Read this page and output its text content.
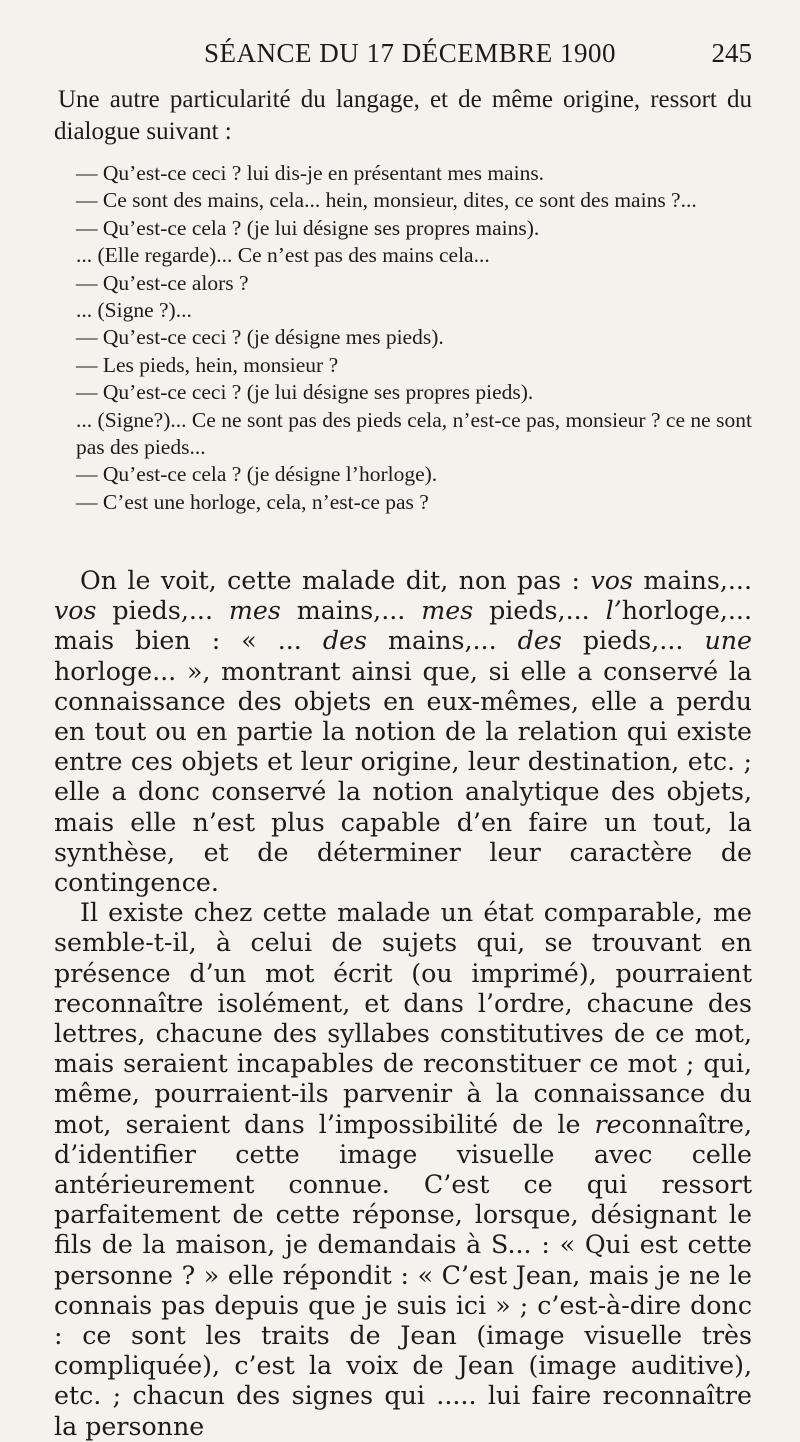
SÉANCE DU 17 DÉCEMBRE 1900	245

Une autre particularité du langage, et de même origine, ressort du dialogue suivant :

— Qu’est-ce ceci ? lui dis-je en présentant mes mains.

— Ce sont des mains, cela... hein, monsieur, dites, ce sont des mains ?...

— Qu’est-ce cela ? (je lui désigne ses propres mains).

... (Elle regarde)... Ce n’est pas des mains cela...

— Qu’est-ce alors ?

... (Signe ?)...

— Qu’est-ce ceci ? (je désigne mes pieds).

— Les pieds, hein, monsieur ?

— Qu’est-ce ceci ? (je lui désigne ses propres pieds).

... (Signe?)... Ce ne sont pas des pieds cela, n’est-ce pas, monsieur ? ce ne sont pas des pieds...

— Qu’est-ce cela ? (je désigne l’horloge).

— C’est une horloge, cela, n’est-ce pas ?

On le voit, cette malade dit, non pas : vos mains,... vos pieds,... mes mains,... mes pieds,... l’horloge,... mais bien : « ... des mains,... des pieds,... une horloge... », montrant ainsi que, si elle a conservé la connaissance des objets en eux-mêmes, elle a perdu en tout ou en partie la notion de la relation qui existe entre ces objets et leur origine, leur destination, etc. ; elle a donc conservé la notion analytique des objets, mais elle n’est plus capable d’en faire un tout, la synthèse, et de déterminer leur caractère de contingence.

Il existe chez cette malade un état comparable, me semble-t-il, à celui de sujets qui, se trouvant en présence d’un mot écrit (ou imprimé), pourraient reconnaître isolément, et dans l’ordre, chacune des lettres, chacune des syllabes constitutives de ce mot, mais seraient incapables de reconstituer ce mot ; qui, même, pourraient-ils parvenir à la connaissance du mot, seraient dans l’impossibilité de le reconnaître, d’identifier cette image visuelle avec celle antérieurement connue. C’est ce qui ressort parfaitement de cette réponse, lorsque, désignant le fils de la maison, je demandais à S... : « Qui est cette personne ? » elle répondit : « C’est Jean, mais je ne le connais pas depuis que je suis ici » ; c’est-à-dire donc : ce sont les traits de Jean (image visuelle très compliquée), c’est la voix de Jean (image auditive), etc. ; chacun des signes qui ..... lui faire reconnaître la personne
